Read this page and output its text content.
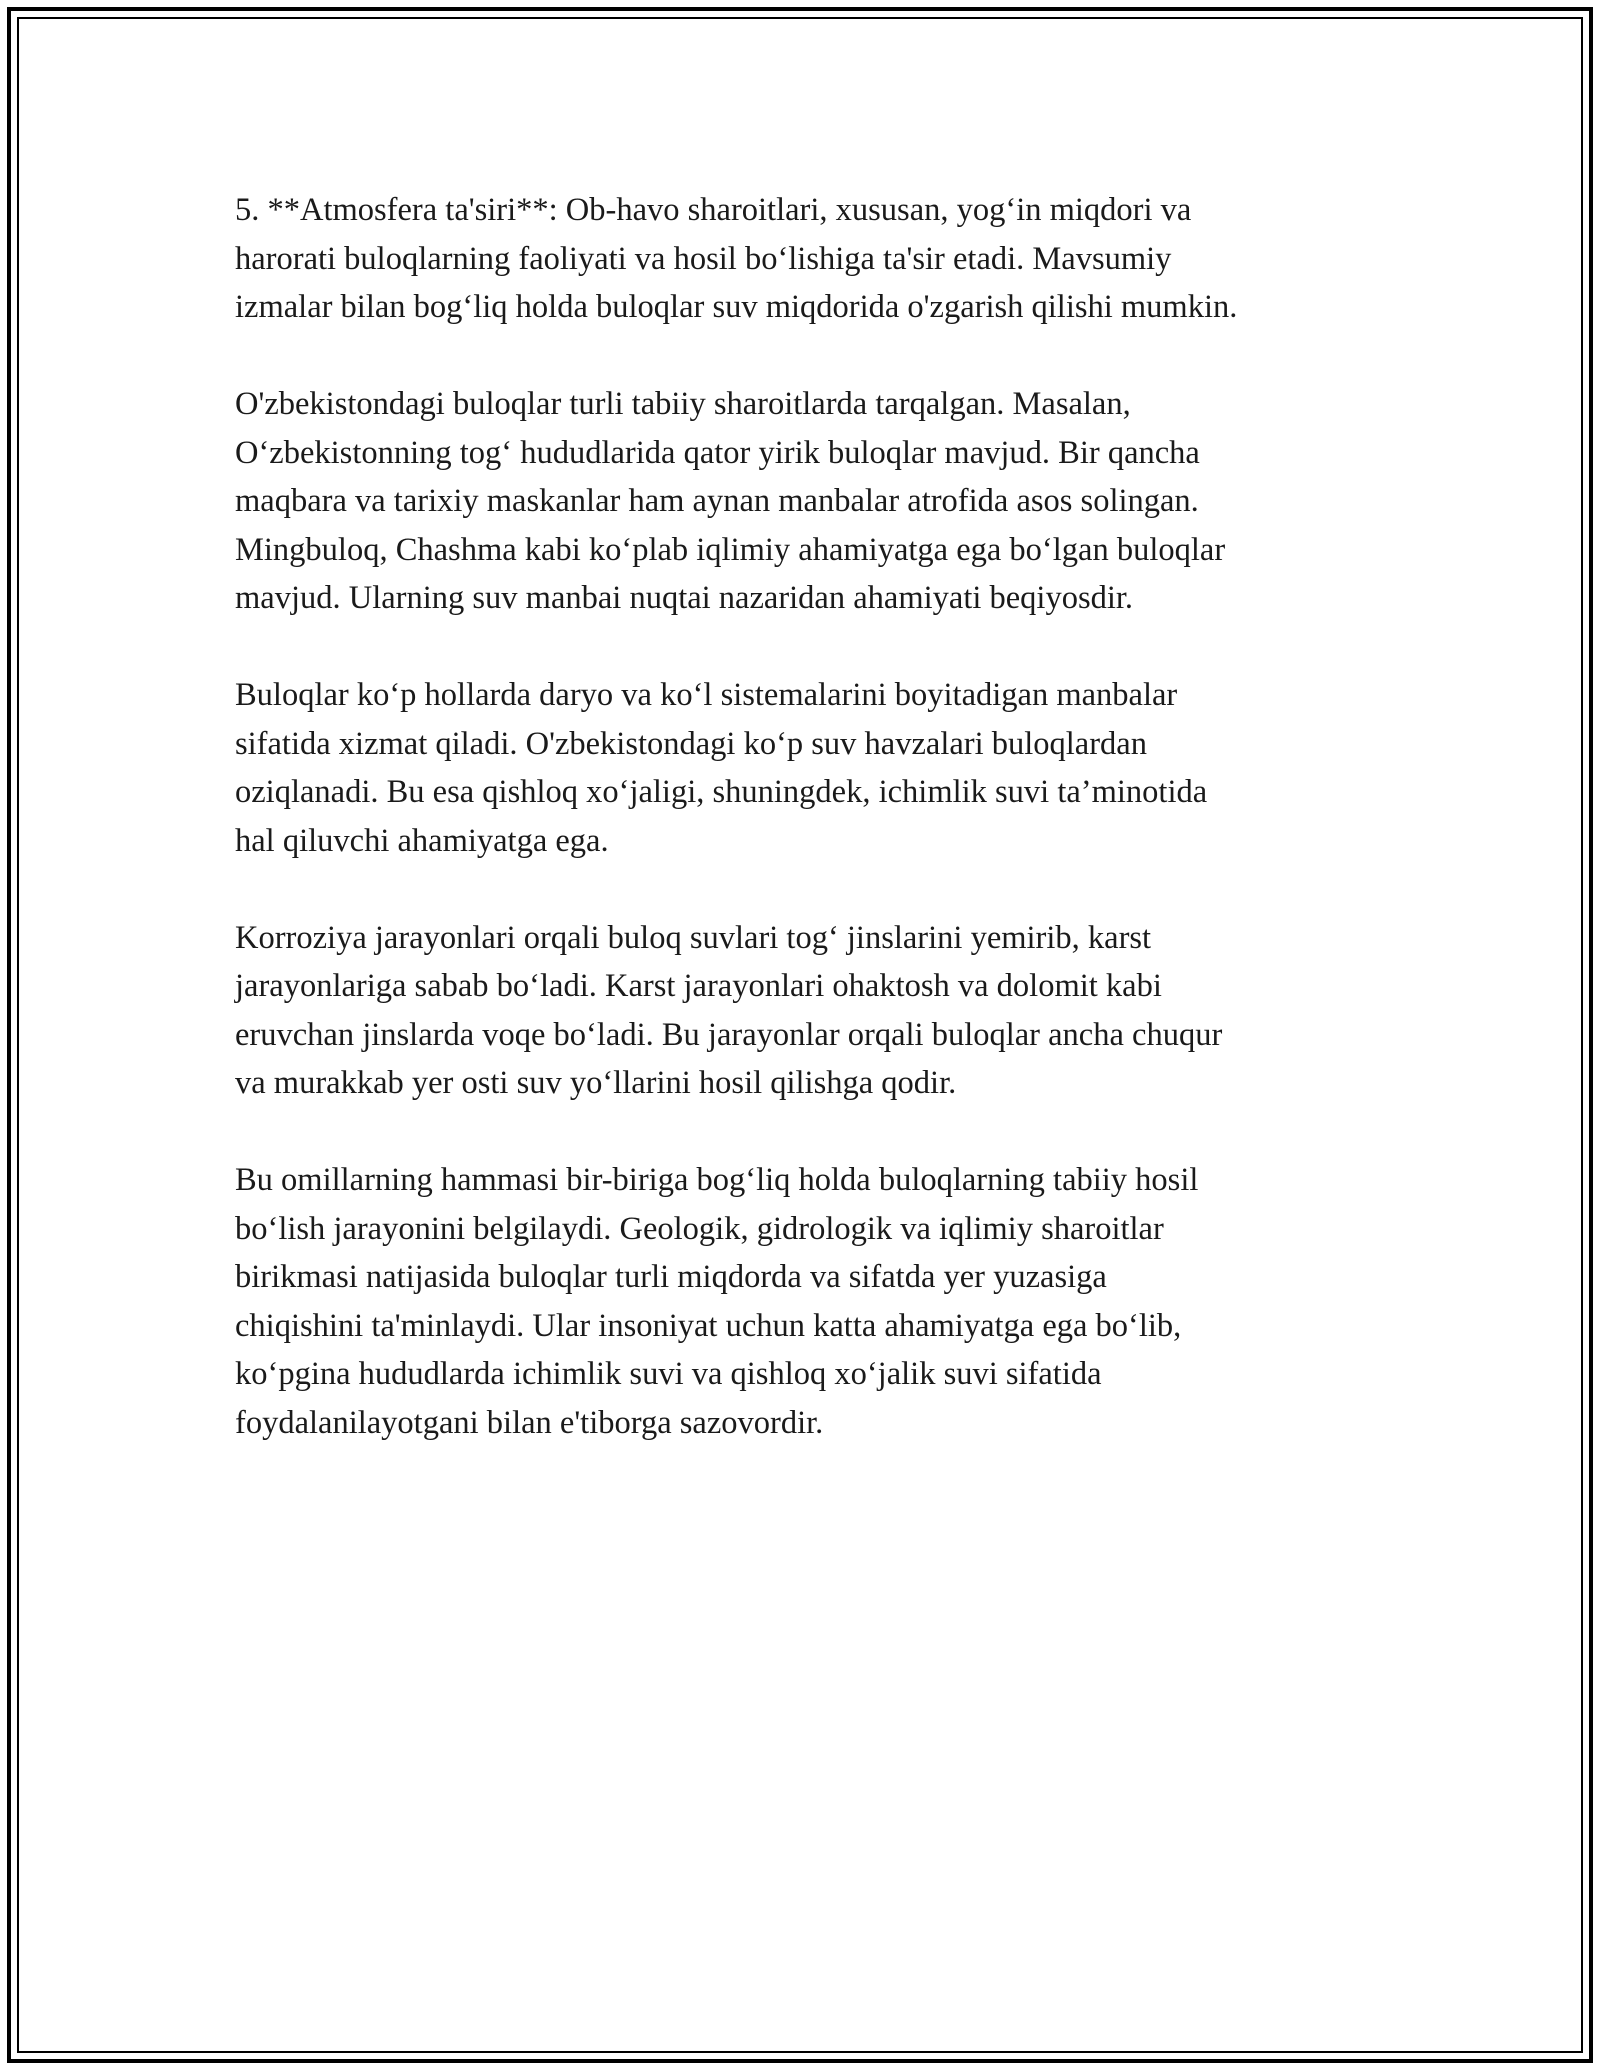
5. **Atmosfera ta'siri**: Ob-havo sharoitlari, xususan, yog‘in miqdori va
harorati buloqlarning faoliyati va hosil bo‘lishiga ta'sir etadi. Mavsumiy
izmalar bilan bog‘liq holda buloqlar suv miqdorida o'zgarish qilishi mumkin.

O'zbekistondagi buloqlar turli tabiiy sharoitlarda tarqalgan. Masalan,
O‘zbekistonning tog‘ hududlarida qator yirik buloqlar mavjud. Bir qancha
maqbara va tarixiy maskanlar ham aynan manbalar atrofida asos solingan.
Mingbuloq, Chashma kabi ko‘plab iqlimiy ahamiyatga ega bo‘lgan buloqlar
mavjud. Ularning suv manbai nuqtai nazaridan ahamiyati beqiyosdir.

Buloqlar ko‘p hollarda daryo va ko‘l sistemalarini boyitadigan manbalar
sifatida xizmat qiladi. O'zbekistondagi ko‘p suv havzalari buloqlardan
oziqlanadi. Bu esa qishloq xo‘jaligi, shuningdek, ichimlik suvi ta’minotida
hal qiluvchi ahamiyatga ega.

Korroziya jarayonlari orqali buloq suvlari tog‘ jinslarini yemirib, karst
jarayonlariga sabab bo‘ladi. Karst jarayonlari ohaktosh va dolomit kabi
eruvchan jinslarda voqe bo‘ladi. Bu jarayonlar orqali buloqlar ancha chuqur
va murakkab yer osti suv yo‘llarini hosil qilishga qodir.

Bu omillarning hammasi bir-biriga bog‘liq holda buloqlarning tabiiy hosil
bo‘lish jarayonini belgilaydi. Geologik, gidrologik va iqlimiy sharoitlar
birikmasi natijasida buloqlar turli miqdorda va sifatda yer yuzasiga
chiqishini ta'minlaydi. Ular insoniyat uchun katta ahamiyatga ega bo‘lib,
ko‘pgina hududlarda ichimlik suvi va qishloq xo‘jalik suvi sifatida
foydalanilayotgani bilan e'tiborga sazovordir.
